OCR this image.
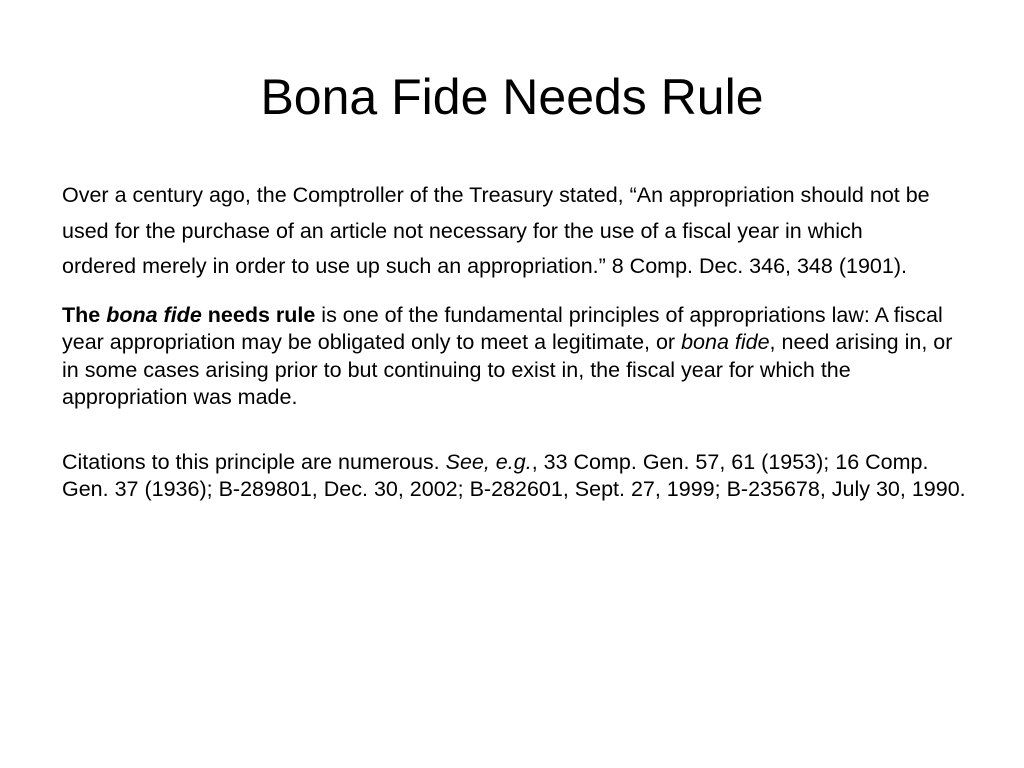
Bona Fide Needs Rule

Over a century ago, the Comptroller of the Treasury stated, “An appropriation should not be used for the purchase of an article not necessary for the use of a fiscal year in which ordered merely in order to use up such an appropriation.” 8 Comp. Dec. 346, 348 (1901).

The bona fide needs rule is one of the fundamental principles of appropriations law: A fiscal year appropriation may be obligated only to meet a legitimate, or bona fide, need arising in, or in some cases arising prior to but continuing to exist in, the fiscal year for which the appropriation was made.

Citations to this principle are numerous. See, e.g., 33 Comp. Gen. 57, 61 (1953); 16 Comp. Gen. 37 (1936); B-289801, Dec. 30, 2002; B-282601, Sept. 27, 1999; B-235678, July 30, 1990.
